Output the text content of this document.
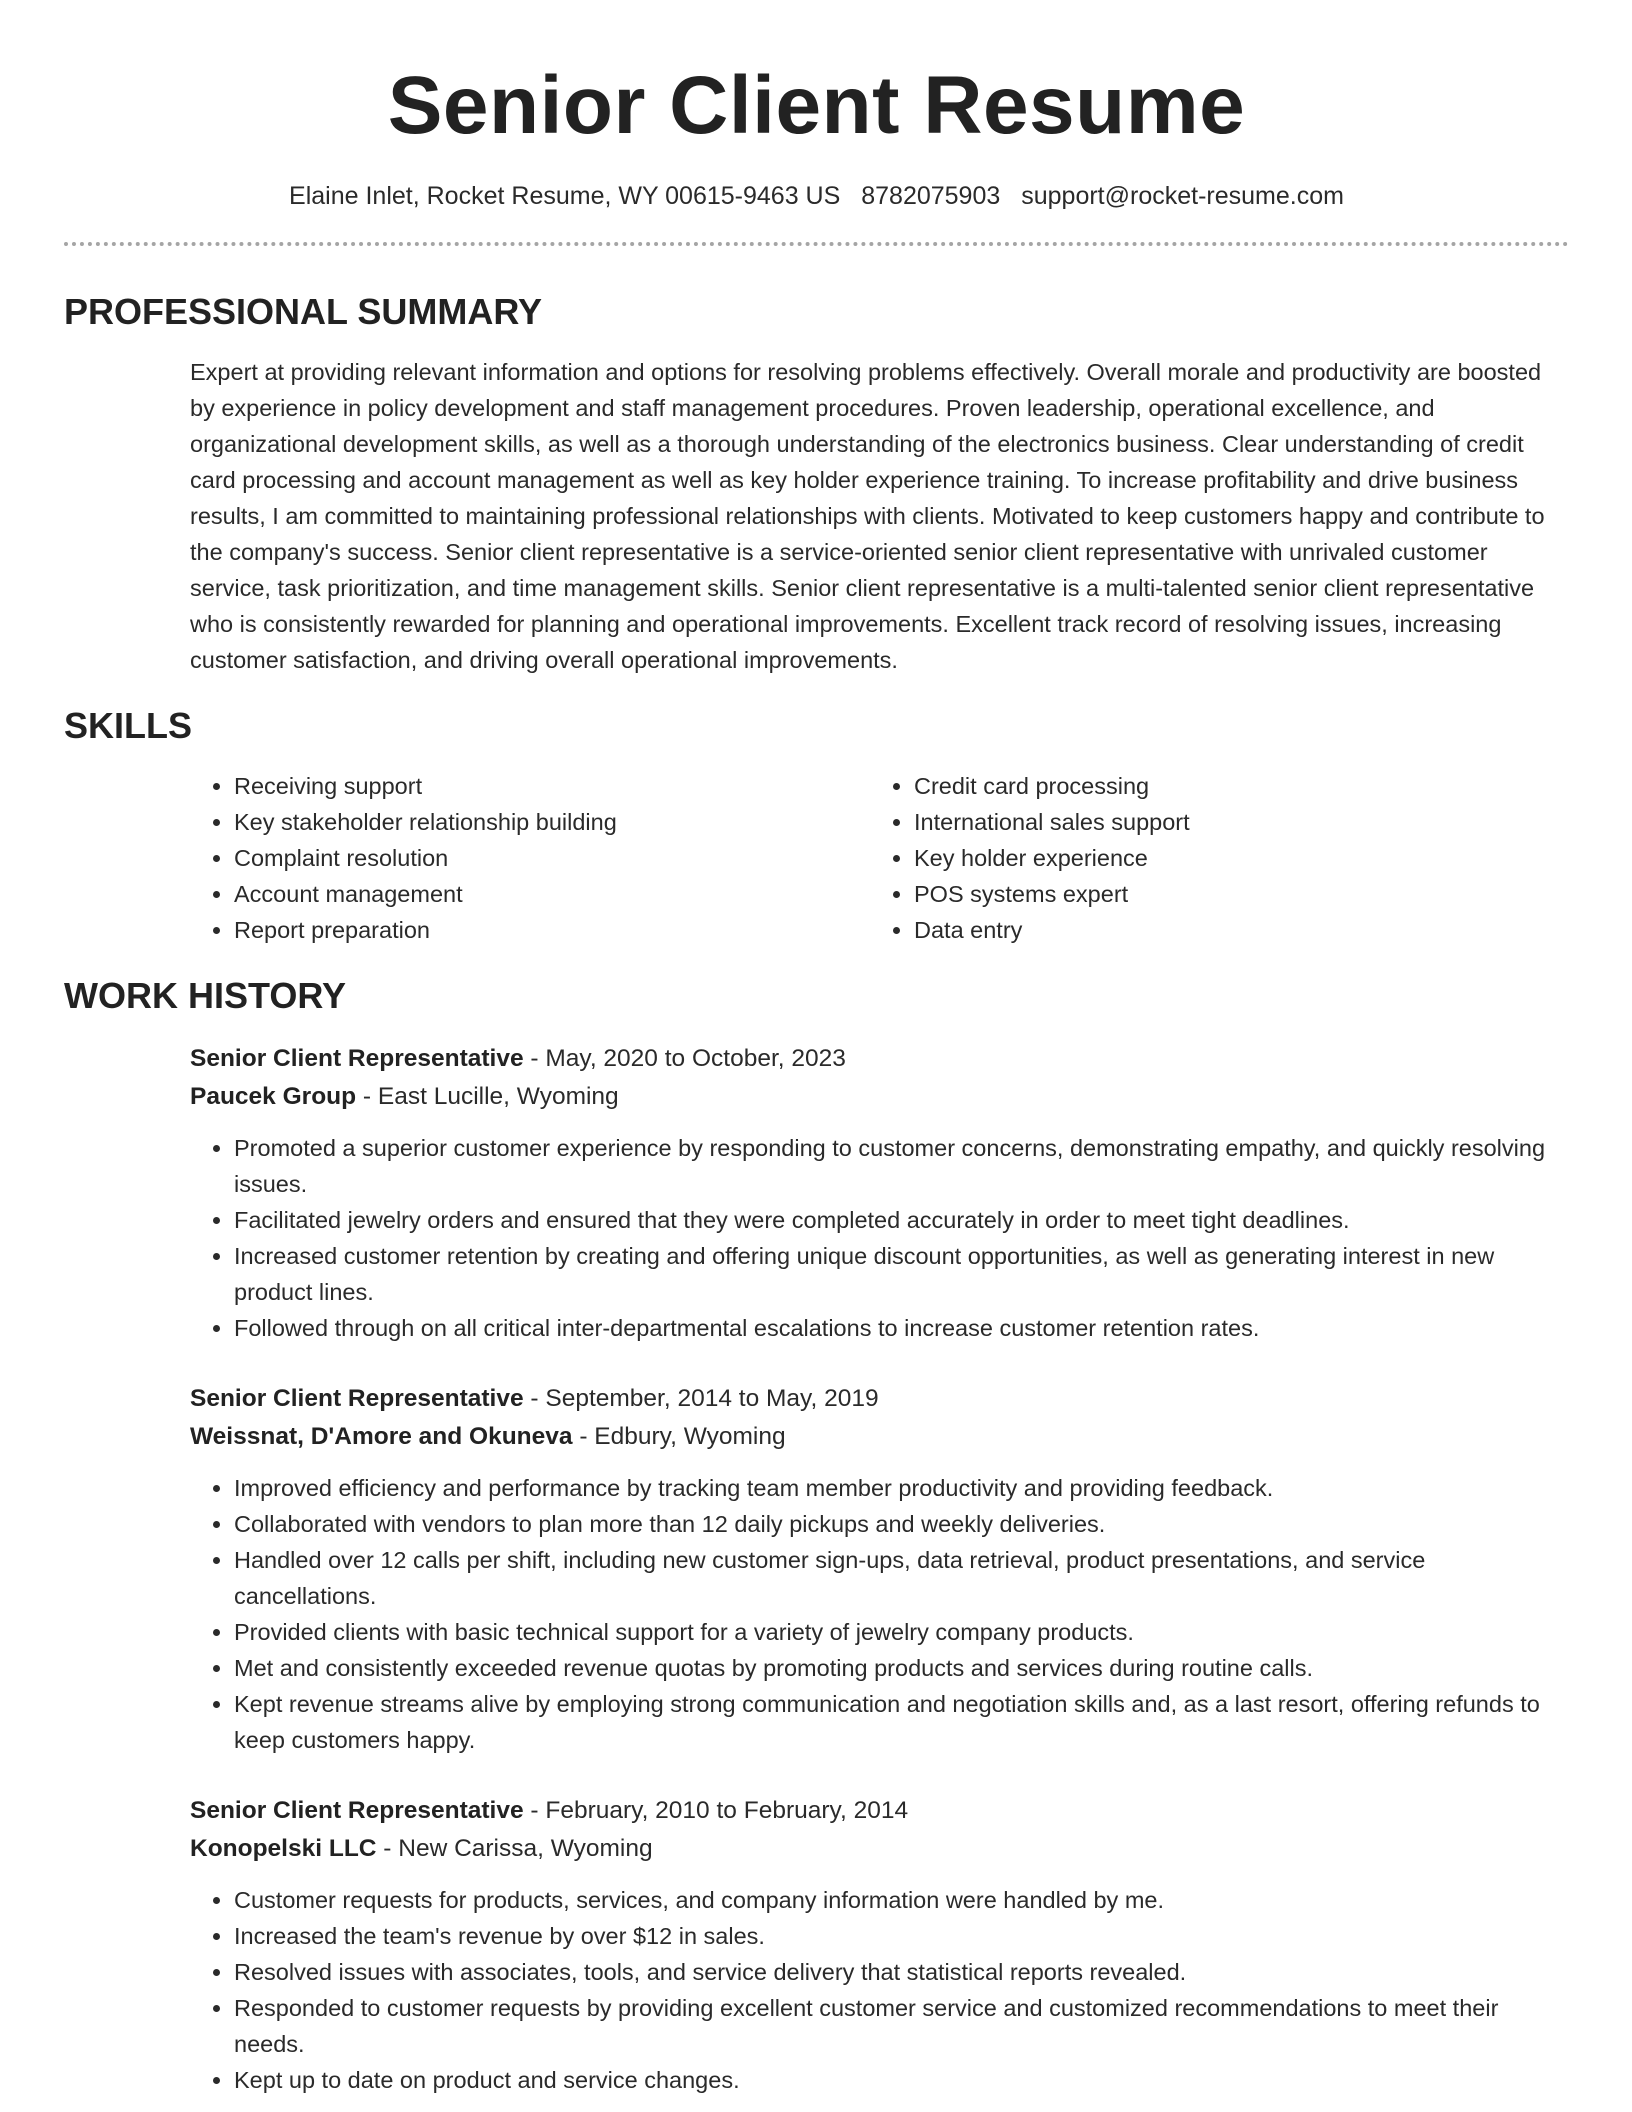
Senior Client Resume
Elaine Inlet, Rocket Resume, WY 00615-9463 US 8782075903 support@rocket-resume.com
PROFESSIONAL SUMMARY
Expert at providing relevant information and options for resolving problems effectively. Overall morale and productivity are boosted by experience in policy development and staff management procedures. Proven leadership, operational excellence, and organizational development skills, as well as a thorough understanding of the electronics business. Clear understanding of credit card processing and account management as well as key holder experience training. To increase profitability and drive business results, I am committed to maintaining professional relationships with clients. Motivated to keep customers happy and contribute to the company's success. Senior client representative is a service-oriented senior client representative with unrivaled customer service, task prioritization, and time management skills. Senior client representative is a multi-talented senior client representative who is consistently rewarded for planning and operational improvements. Excellent track record of resolving issues, increasing customer satisfaction, and driving overall operational improvements.
SKILLS
• Receiving support
• Key stakeholder relationship building
• Complaint resolution
• Account management
• Report preparation
• Credit card processing
• International sales support
• Key holder experience
• POS systems expert
• Data entry
WORK HISTORY
Senior Client Representative - May, 2020 to October, 2023
Paucek Group - East Lucille, Wyoming
• Promoted a superior customer experience by responding to customer concerns, demonstrating empathy, and quickly resolving issues.
• Facilitated jewelry orders and ensured that they were completed accurately in order to meet tight deadlines.
• Increased customer retention by creating and offering unique discount opportunities, as well as generating interest in new product lines.
• Followed through on all critical inter-departmental escalations to increase customer retention rates.
Senior Client Representative - September, 2014 to May, 2019
Weissnat, D'Amore and Okuneva - Edbury, Wyoming
• Improved efficiency and performance by tracking team member productivity and providing feedback.
• Collaborated with vendors to plan more than 12 daily pickups and weekly deliveries.
• Handled over 12 calls per shift, including new customer sign-ups, data retrieval, product presentations, and service cancellations.
• Provided clients with basic technical support for a variety of jewelry company products.
• Met and consistently exceeded revenue quotas by promoting products and services during routine calls.
• Kept revenue streams alive by employing strong communication and negotiation skills and, as a last resort, offering refunds to keep customers happy.
Senior Client Representative - February, 2010 to February, 2014
Konopelski LLC - New Carissa, Wyoming
• Customer requests for products, services, and company information were handled by me.
• Increased the team's revenue by over $12 in sales.
• Resolved issues with associates, tools, and service delivery that statistical reports revealed.
• Responded to customer requests by providing excellent customer service and customized recommendations to meet their needs.
• Kept up to date on product and service changes.
